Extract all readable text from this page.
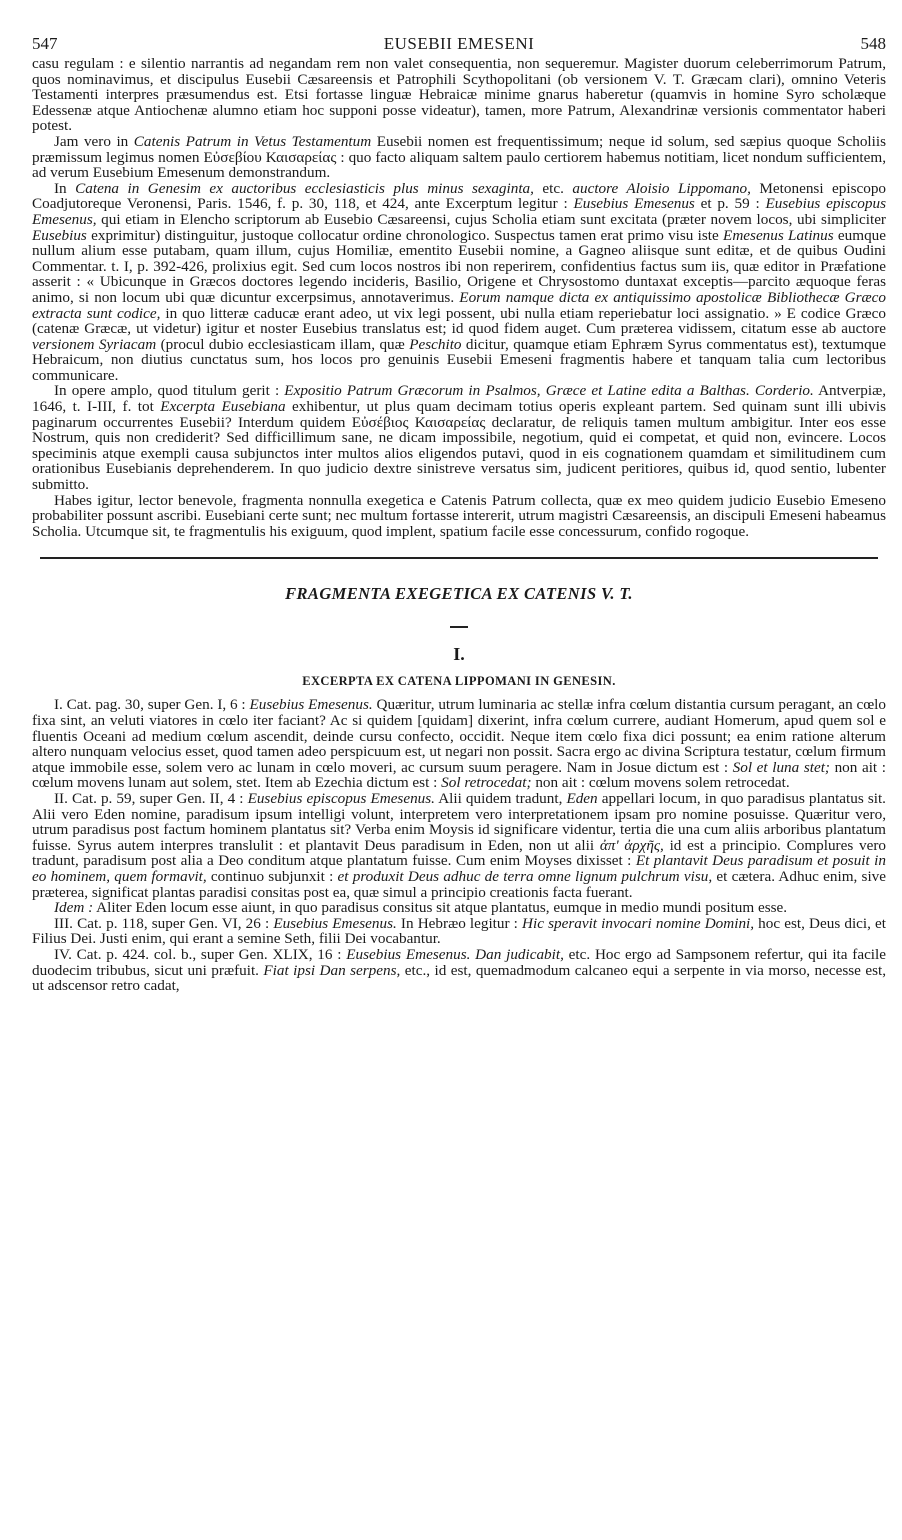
547	EUSEBII EMESENI	548

casu regulam : e silentio narrantis ad negandam rem non valet consequentia, non sequeremur. Magister duorum celeberrimorum Patrum, quos nominavimus, et discipulus Eusebii Cæsareensis et Patrophili Scythopolitani (ob versionem V. T. Græcam clari), omnino Veteris Testamenti interpres præsumendus est. Etsi fortasse linguæ Hebraicæ minime gnarus haberetur (quamvis in homine Syro scholæque Edessenæ atque Antiochenæ alumno etiam hoc supponi posse videatur), tamen, more Patrum, Alexandrinæ versionis commentator haberi potest.

Jam vero in Catenis Patrum in Vetus Testamentum Eusebii nomen est frequentissimum; neque id solum, sed sæpius quoque Scholiis præmissum legimus nomen Εὐσεβίου Καισαρείας : quo facto aliquam saltem paulo certiorem habemus notitiam, licet nondum sufficientem, ad verum Eusebium Emesenum demonstrandum.

In Catena in Genesim ex auctoribus ecclesiasticis plus minus sexaginta, etc. auctore Aloisio Lippomano, Metonensi episcopo Coadjutoreque Veronensi, Paris. 1546, f. p. 30, 118, et 424, ante Excerptum legitur : Eusebius Emesenus et p. 59 : Eusebius episcopus Emesenus, qui etiam in Elencho scriptorum ab Eusebio Cæsareensi, cujus Scholia etiam sunt excitata (præter novem locos, ubi simpliciter Eusebius exprimitur) distinguitur, justoque collocatur ordine chronologico. Suspectus tamen erat primo visu iste Emesenus Latinus eumque nullum alium esse putabam, quam illum, cujus Homiliæ, ementito Eusebii nomine, a Gagneo aliisque sunt editæ, et de quibus Oudini Commentar. t. I, p. 392-426, prolixius egit. Sed cum locos nostros ibi non reperirem, confidentius factus sum iis, quæ editor in Præfatione asserit : « Ubicunque in Græcos doctores legendo incideris, Basilio, Origene et Chrysostomo duntaxat exceptis—parcito æquoque feras animo, si non locum ubi quæ dicuntur excerpsimus, annotaverimus. Eorum namque dicta ex antiquissimo apostolicæ Bibliothecæ Græco extracta sunt codice, in quo litteræ caducæ erant adeo, ut vix legi possent, ubi nulla etiam reperiebatur loci assignatio. » E codice Græco (catenæ Græcæ, ut videtur) igitur et noster Eusebius translatus est; id quod fidem auget. Cum præterea vidissem, citatum esse ab auctore versionem Syriacam (procul dubio ecclesiasticam illam, quæ Peschito dicitur, quamque etiam Ephræm Syrus commentatus est), textumque Hebraicum, non diutius cunctatus sum, hos locos pro genuinis Eusebii Emeseni fragmentis habere et tanquam talia cum lectoribus communicare.

In opere amplo, quod titulum gerit : Expositio Patrum Græcorum in Psalmos, Græce et Latine edita a Balthas. Corderio. Antverpiæ, 1646, t. I-III, f. tot Excerpta Eusebiana exhibentur, ut plus quam decimam totius operis expleant partem. Sed quinam sunt illi ubivis paginarum occurrentes Eusebii? Interdum quidem Εὐσέβιος Καισαρείας declaratur, de reliquis tamen multum ambigitur. Inter eos esse Nostrum, quis non crediderit? Sed difficillimum sane, ne dicam impossibile, negotium, quid ei competat, et quid non, evincere. Locos speciminis atque exempli causa subjunctos inter multos alios eligendos putavi, quod in eis cognationem quamdam et similitudinem cum orationibus Eusebianis deprehenderem. In quo judicio dextre sinistreve versatus sim, judicent peritiores, quibus id, quod sentio, lubenter submitto.

Habes igitur, lector benevole, fragmenta nonnulla exegetica e Catenis Patrum collecta, quæ ex meo quidem judicio Eusebio Emeseno probabiliter possunt ascribi. Eusebiani certe sunt; nec multum fortasse intererit, utrum magistri Cæsareensis, an discipuli Emeseni habeamus Scholia. Utcumque sit, te fragmentulis his exiguum, quod implent, spatium facile esse concessurum, confido rogoque.

FRAGMENTA EXEGETICA EX CATENIS V. T.
I.
EXCERPTA EX CATENA LIPPOMANI IN GENESIN.

I. Cat. pag. 30, super Gen. I, 6 : Eusebius Emesenus. Quæritur, utrum luminaria ac stellæ infra cœlum distantia cursum peragant, an cœlo fixa sint, an veluti viatores in cœlo iter faciant? Ac si quidem [quidam] dixerint, infra cœlum currere, audiant Homerum, apud quem sol e fluentis Oceani ad medium cœlum ascendit, deinde cursu confecto, occidit. Neque item cœlo fixa dici possunt; ea enim ratione alterum altero nunquam velocius esset, quod tamen adeo perspicuum est, ut negari non possit. Sacra ergo ac divina Scriptura testatur, cœlum firmum atque immobile esse, solem vero ac lunam in cœlo moveri, ac cursum suum peragere. Nam in Josue dictum est : Sol et luna stet; non ait : cœlum movens lunam aut solem, stet. Item ab Ezechia dictum est : Sol retrocedat; non ait : cœlum movens solem retrocedat.

II. Cat. p. 59, super Gen. II, 4 : Eusebius episcopus Emesenus. Alii quidem tradunt, Eden appellari locum, in quo paradisus plantatus sit. Alii vero Eden nomine, paradisum ipsum intelligi volunt, interpretem vero interpretationem ipsam pro nomine posuisse. Quæritur vero, utrum paradisus post factum hominem plantatus sit? Verba enim Moysis id significare videntur, tertia die una cum aliis arboribus plantatum fuisse. Syrus autem interpres translulit : et plantavit Deus paradisum in Eden, non ut alii ἀπ' ἀρχῆς, id est a principio. Complures vero tradunt, paradisum post alia a Deo conditum atque plantatum fuisse. Cum enim Moyses dixisset : Et plantavit Deus paradisum et posuit in eo hominem, quem formavit, continuo subjunxit : et produxit Deus adhuc de terra omne lignum pulchrum visu, et cætera. Adhuc enim, sive præterea, significat plantas paradisi consitas post ea, quæ simul a principio creationis facta fuerant.

Idem : Aliter Eden locum esse aiunt, in quo paradisus consitus sit atque plantatus, eumque in medio mundi positum esse.

III. Cat. p. 118, super Gen. VI, 26 : Eusebius Emesenus. In Hebræo legitur : Hic speravit invocari nomine Domini, hoc est, Deus dici, et Filius Dei. Justi enim, qui erant a semine Seth, filii Dei vocabantur.

IV. Cat. p. 424. col. b., super Gen. XLIX, 16 : Eusebius Emesenus. Dan judicabit, etc. Hoc ergo ad Sampsonem refertur, qui ita facile duodecim tribubus, sicut uni præfuit. Fiat ipsi Dan serpens, etc., id est, quemadmodum calcaneo equi a serpente in via morso, necesse est, ut adscensor retro cadat,
